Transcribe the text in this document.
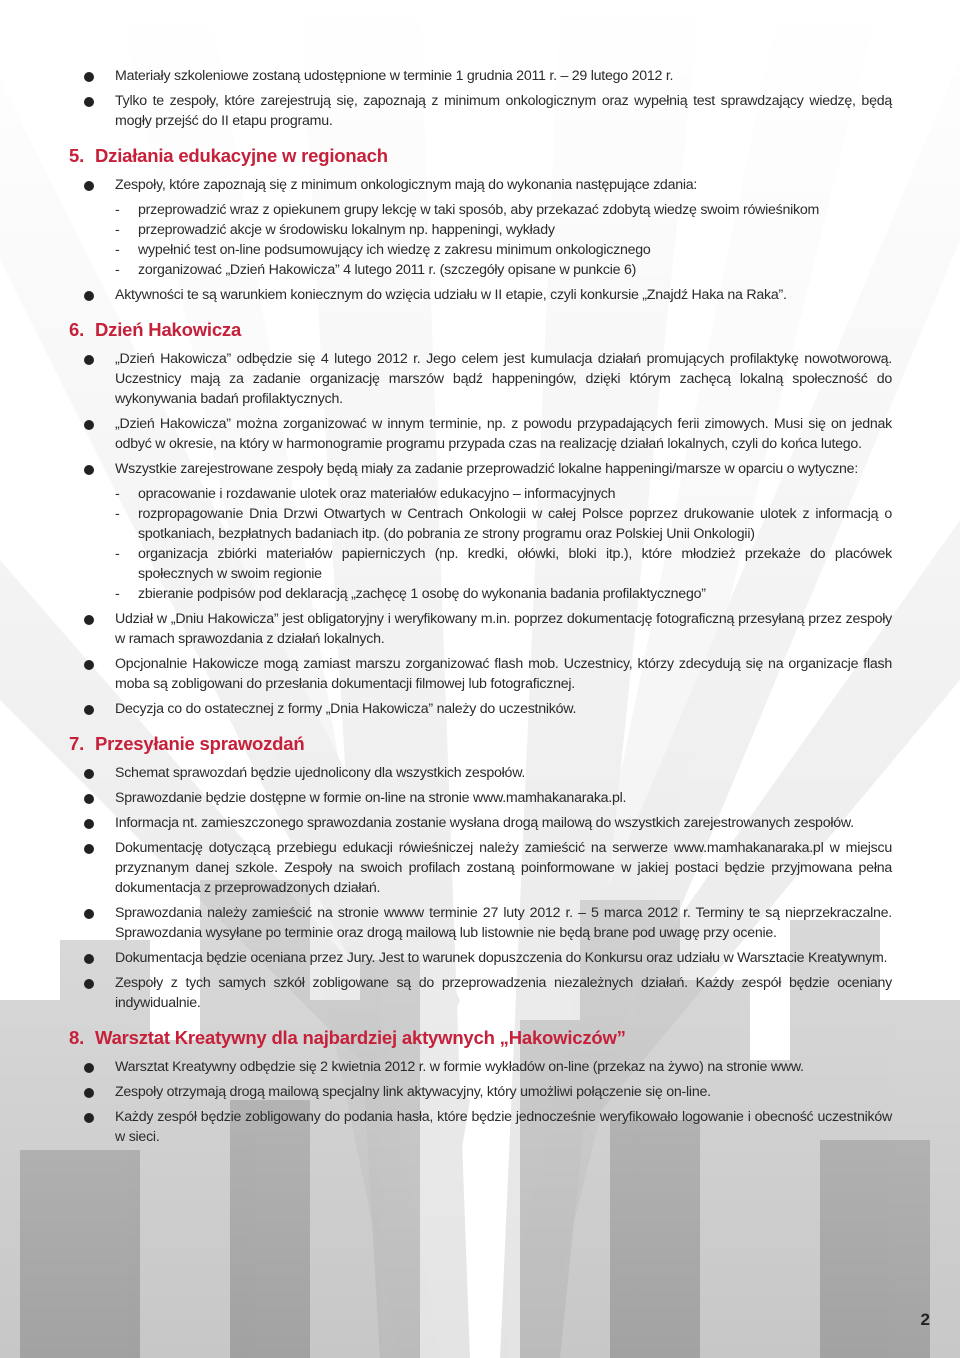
Materiały szkoleniowe zostaną udostępnione w terminie 1 grudnia 2011 r. – 29 lutego 2012 r.
Tylko te zespoły, które zarejestrują się, zapoznają z minimum onkologicznym oraz wypełnią test sprawdzający wiedzę, będą mogły przejść do II etapu programu.
5. Działania edukacyjne w regionach
Zespoły, które zapoznają się z minimum onkologicznym mają do wykonania następujące zdania:
- przeprowadzić wraz z opiekunem grupy lekcję w taki sposób, aby przekazać zdobytą wiedzę swoim rówieśnikom
- przeprowadzić akcje w środowisku lokalnym np. happeningi, wykłady
- wypełnić test on-line podsumowujący ich wiedzę z zakresu minimum onkologicznego
- zorganizować „Dzień Hakowicza” 4 lutego 2011 r. (szczegóły opisane w punkcie 6)
Aktywności te są warunkiem koniecznym do wzięcia udziału w II etapie, czyli konkursie „Znajdź Haka na Raka”.
6. Dzień Hakowicza
„Dzień Hakowicza” odbędzie się 4 lutego 2012 r. Jego celem jest kumulacja działań promujących profilaktykę nowotworową. Uczestnicy mają za zadanie organizację marszów bądź happeningów, dzięki którym zachęcą lokalną społeczność do wykonywania badań profilaktycznych.
„Dzień Hakowicza” można zorganizować w innym terminie, np. z powodu przypadających ferii zimowych. Musi się on jednak odbyć w okresie, na który w harmonogramie programu przypada czas na realizację działań lokalnych, czyli do końca lutego.
Wszystkie zarejestrowane zespoły będą miały za zadanie przeprowadzić lokalne happeningi/marsze w oparciu o wytyczne:
- opracowanie i rozdawanie ulotek oraz materiałów edukacyjno – informacyjnych
- rozpropagowanie Dnia Drzwi Otwartych w Centrach Onkologii w całej Polsce poprzez drukowanie ulotek z informacją o spotkaniach, bezpłatnych badaniach itp. (do pobrania ze strony programu oraz Polskiej Unii Onkologii)
- organizacja zbiórki materiałów papierniczych (np. kredki, ołówki, bloki itp.), które młodzież przekaże do placówek społecznych w swoim regionie
- zbieranie podpisów pod deklaracją „zachęcę 1 osobę do wykonania badania profilaktycznego”
Udział w „Dniu Hakowicza” jest obligatoryjny i weryfikowany m.in. poprzez dokumentację fotograficzną przesyłaną przez zespoły w ramach sprawozdania z działań lokalnych.
Opcjonalnie Hakowicze mogą zamiast marszu zorganizować flash mob. Uczestnicy, którzy zdecydują się na organizacje flash moba są zobligowani do przesłania dokumentacji filmowej lub fotograficznej.
Decyzja co do ostatecznej z formy „Dnia Hakowicza” należy do uczestników.
7. Przesyłanie sprawozdań
Schemat sprawozdań będzie ujednolicony dla wszystkich zespołów.
Sprawozdanie będzie dostępne w formie on-line na stronie www.mamhakanaraka.pl.
Informacja nt. zamieszczonego sprawozdania zostanie wysłana drogą mailową do wszystkich zarejestrowanych zespołów.
Dokumentację dotyczącą przebiegu edukacji rówieśniczej należy zamieścić na serwerze www.mamhakanaraka.pl w miejscu przyznanym danej szkole. Zespoły na swoich profilach zostaną poinformowane w jakiej postaci będzie przyjmowana pełna dokumentacja z przeprowadzonych działań.
Sprawozdania należy zamieścić na stronie wwww terminie 27 luty 2012 r. – 5 marca 2012 r. Terminy te są nieprzekraczalne. Sprawozdania wysyłane po terminie oraz drogą mailową lub listownie nie będą brane pod uwagę przy ocenie.
Dokumentacja będzie oceniana przez Jury. Jest to warunek dopuszczenia do Konkursu oraz udziału w Warsztacie Kreatywnym.
Zespoły z tych samych szkół zobligowane są do przeprowadzenia niezależnych działań. Każdy zespół będzie oceniany indywidualnie.
8. Warsztat Kreatywny dla najbardziej aktywnych „Hakowiczów”
Warsztat Kreatywny odbędzie się 2 kwietnia 2012 r. w formie wykładów on-line (przekaz na żywo) na stronie www.
Zespoły otrzymają drogą mailową specjalny link aktywacyjny, który umożliwi połączenie się on-line.
Każdy zespół będzie zobligowany do podania hasła, które będzie jednocześnie weryfikowało logowanie i obecność uczestników w sieci.
2
